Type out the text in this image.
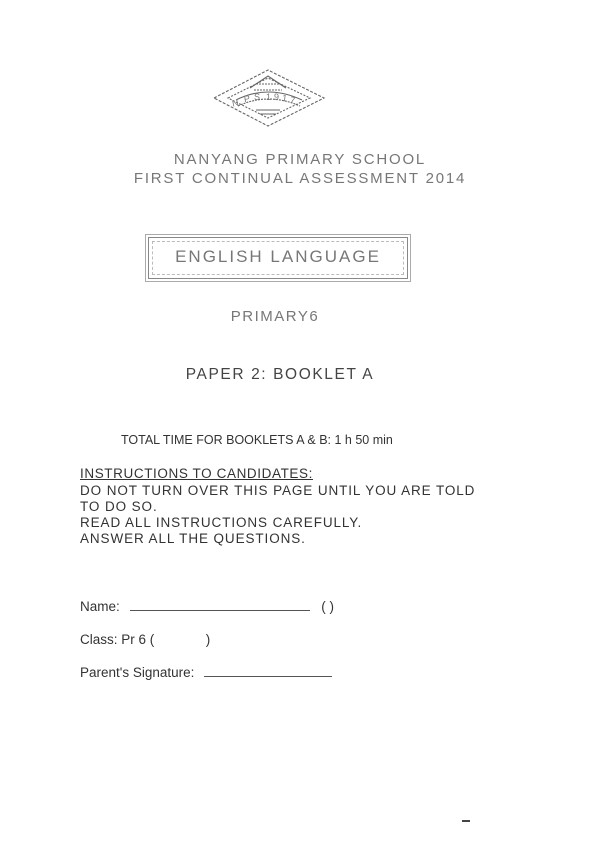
N P S 1 9 1 7
NANYANG PRIMARY SCHOOL
FIRST CONTINUAL ASSESSMENT 2014
ENGLISH LANGUAGE
PRIMARY6
PAPER 2: BOOKLET A
TOTAL TIME FOR BOOKLETS A & B: 1 h 50 min
INSTRUCTIONS TO CANDIDATES:
DO NOT TURN OVER THIS PAGE UNTIL YOU ARE TOLD
TO DO SO.
READ ALL INSTRUCTIONS CAREFULLY.
ANSWER ALL THE QUESTIONS.
Name:	( )
Class: Pr 6 (	)
Parent's Signature:
